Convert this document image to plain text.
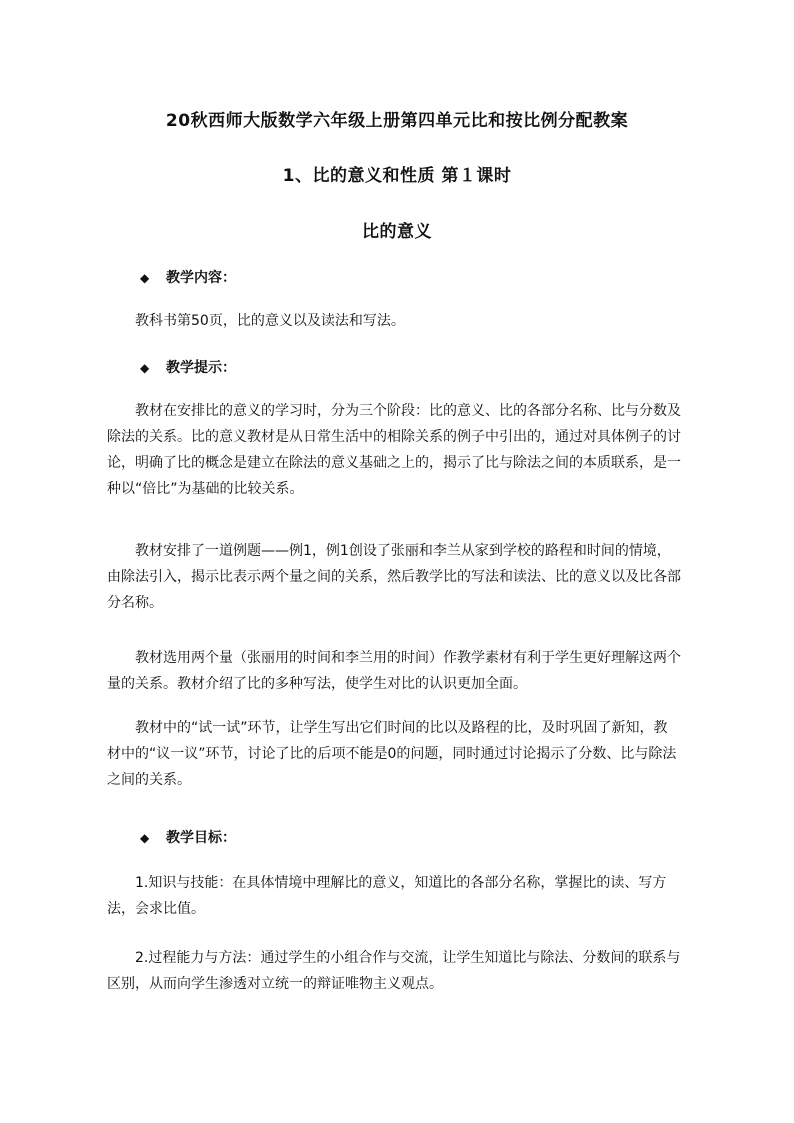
20秋西师大版数学六年级上册第四单元比和按比例分配教案
1、比的意义和性质 第１课时
比的意义
◆ 教学内容：

教科书第50页，比的意义以及读法和写法。

◆ 教学提示：

教材在安排比的意义的学习时，分为三个阶段：比的意义、比的各部分名称、比与分数及除法的关系。比的意义教材是从日常生活中的相除关系的例子中引出的，通过对具体例子的讨论，明确了比的概念是建立在除法的意义基础之上的，揭示了比与除法之间的本质联系，是一种以“倍比”为基础的比较关系。

教材安排了一道例题——例1，例1创设了张丽和李兰从家到学校的路程和时间的情境，由除法引入，揭示比表示两个量之间的关系，然后教学比的写法和读法、比的意义以及比各部分名称。

教材选用两个量（张丽用的时间和李兰用的时间）作教学素材有利于学生更好理解这两个量的关系。教材介绍了比的多种写法，使学生对比的认识更加全面。

教材中的“试一试”环节，让学生写出它们时间的比以及路程的比，及时巩固了新知，教材中的“议一议”环节，讨论了比的后项不能是0的问题，同时通过讨论揭示了分数、比与除法之间的关系。

◆ 教学目标：

1.知识与技能：在具体情境中理解比的意义，知道比的各部分名称，掌握比的读、写方法，会求比值。

2.过程能力与方法：通过学生的小组合作与交流，让学生知道比与除法、分数间的联系与区别，从而向学生渗透对立统一的辩证唯物主义观点。
